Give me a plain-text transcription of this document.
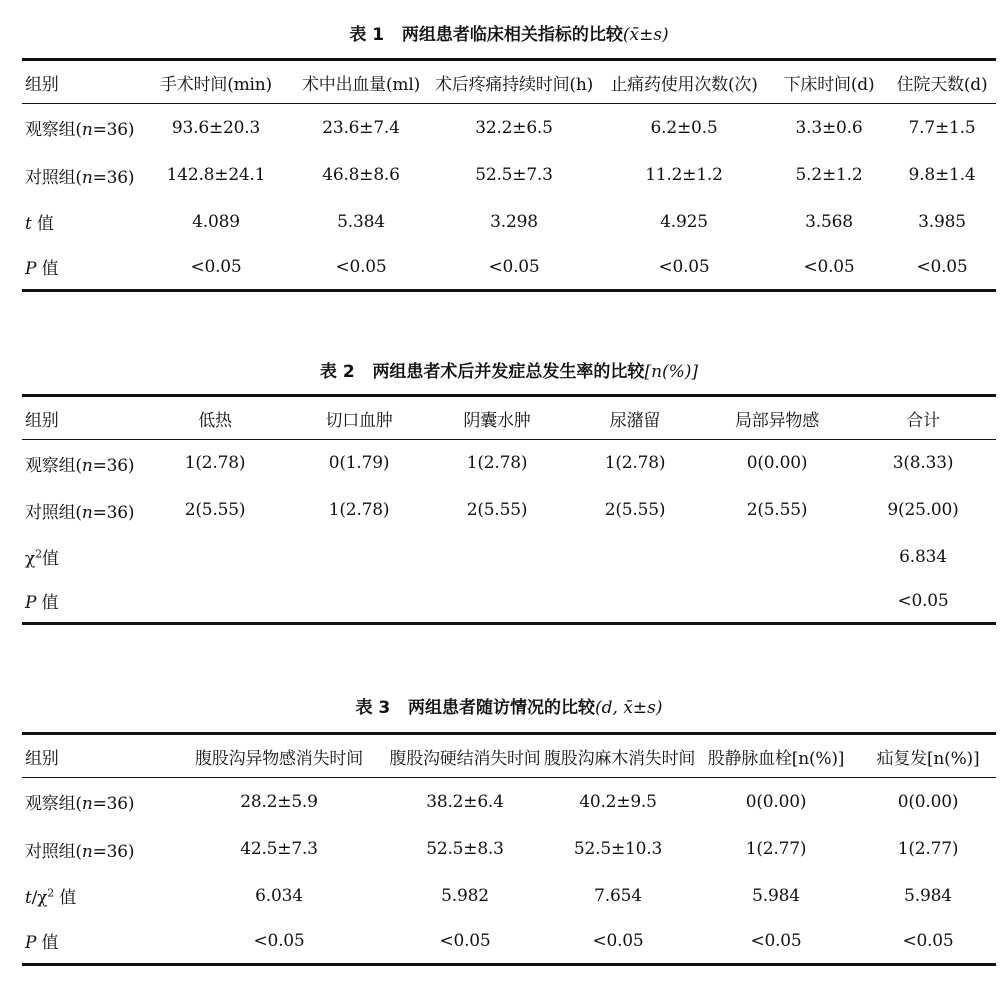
表 1 两组患者临床相关指标的比较(x̄±s)
组别	手术时间(min)	术中出血量(ml)	术后疼痛持续时间(h)	止痛药使用次数(次)	下床时间(d)	住院天数(d)
观察组(n=36)	93.6±20.3	23.6±7.4	32.2±6.5	6.2±0.5	3.3±0.6	7.7±1.5
对照组(n=36)	142.8±24.1	46.8±8.6	52.5±7.3	11.2±1.2	5.2±1.2	9.8±1.4
t 值	4.089	5.384	3.298	4.925	3.568	3.985
P 值	<0.05	<0.05	<0.05	<0.05	<0.05	<0.05
表 2 两组患者术后并发症总发生率的比较[n(%)]
组别	低热	切口血肿	阴囊水肿	尿潴留	局部异物感	合计
观察组(n=36)	1(2.78)	0(1.79)	1(2.78)	1(2.78)	0(0.00)	3(8.33)
对照组(n=36)	2(5.55)	1(2.78)	2(5.55)	2(5.55)	2(5.55)	9(25.00)
$\chi^2$值						6.834
P 值						<0.05
表 3 两组患者随访情况的比较(d, x̄±s)
组别	腹股沟异物感消失时间	腹股沟硬结消失时间	腹股沟麻木消失时间	股静脉血栓[n(%)]	疝复发[n(%)]
观察组(n=36)	28.2±5.9	38.2±6.4	40.2±9.5	0(0.00)	0(0.00)
对照组(n=36)	42.5±7.3	52.5±8.3	52.5±10.3	1(2.77)	1(2.77)
$t/\chi^2$ 值	6.034	5.982	7.654	5.984	5.984
P 值	<0.05	<0.05	<0.05	<0.05	<0.05
